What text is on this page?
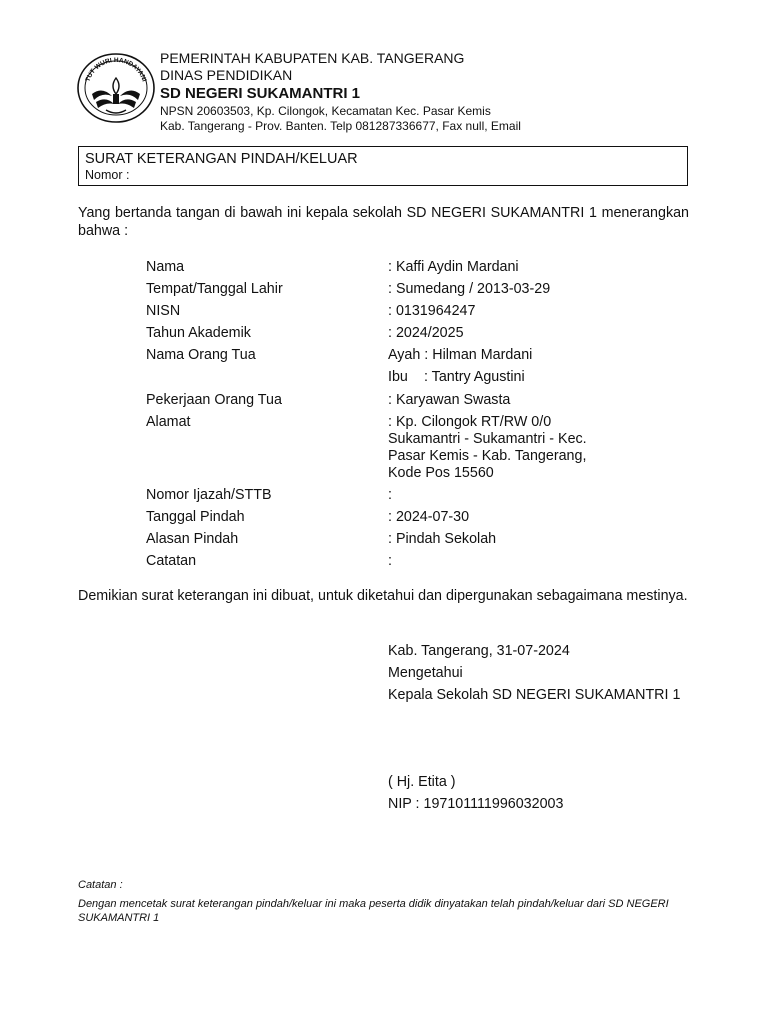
TUT WURI HANDAYANI
PEMERINTAH KABUPATEN KAB. TANGERANG
DINAS PENDIDIKAN
SD NEGERI SUKAMANTRI 1
NPSN 20603503, Kp. Cilongok, Kecamatan Kec. Pasar Kemis
Kab. Tangerang - Prov. Banten. Telp 081287336677, Fax null, Email
SURAT KETERANGAN PINDAH/KELUAR
Nomor :
Yang bertanda tangan di bawah ini kepala sekolah SD NEGERI SUKAMANTRI 1 menerangkan bahwa :
Nama	: Kaffi Aydin Mardani
Tempat/Tanggal Lahir	: Sumedang / 2013-03-29
NISN	: 0131964247
Tahun Akademik	: 2024/2025
Nama Orang Tua	Ayah : Hilman Mardani
Ibu : Tantry Agustini
Pekerjaan Orang Tua	: Karyawan Swasta
Alamat	: Kp. Cilongok RT/RW 0/0
Sukamantri - Sukamantri - Kec.
Pasar Kemis - Kab. Tangerang,
Kode Pos 15560
Nomor Ijazah/STTB	:
Tanggal Pindah	: 2024-07-30
Alasan Pindah	: Pindah Sekolah
Catatan	:
Demikian surat keterangan ini dibuat, untuk diketahui dan dipergunakan sebagaimana mestinya.
Kab. Tangerang, 31-07-2024
Mengetahui
Kepala Sekolah SD NEGERI SUKAMANTRI 1
( Hj. Etita )
NIP : 197101111996032003
Catatan :
Dengan mencetak surat keterangan pindah/keluar ini maka peserta didik dinyatakan telah pindah/keluar dari SD NEGERI SUKAMANTRI 1
